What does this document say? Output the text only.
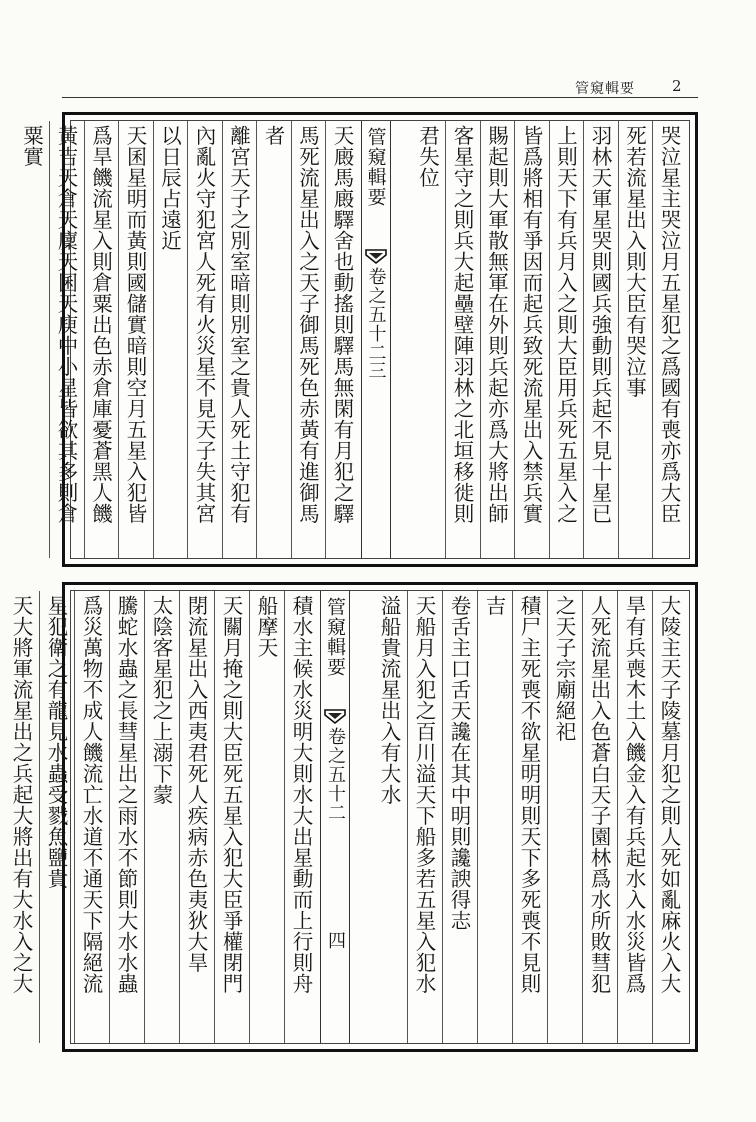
管窺輯要 2
哭泣星主哭泣月五星犯之爲國有喪亦爲大臣
死若流星出入則大臣有哭泣事
羽林天軍星哭則國兵強動則兵起不見十星已
上則天下有兵月入之則大臣用兵死五星入之
皆爲將相有爭因而起兵致死流星出入禁兵實
賜起則大軍散無軍在外則兵起亦爲大將出師
客星守之則兵大起壘壁陣羽林之北垣移徙則
君失位
管窺輯要
卷之五十二
三
天廄馬廄驛舍也動搖則驛馬無閑有月犯之驛
馬死流星出入之天子御馬死色赤黃有進御馬
者
離宮天子之別室暗則別室之貴人死土守犯有
內亂火守犯宮人死有火災星不見天子失其宮
以日辰占遠近
天囷星明而黃則國儲實暗則空月五星入犯皆
爲旱饑流星入則倉粟出色赤倉庫憂蒼黑人饑
黃吉天倉天廩天囷天庾中小星皆欲其多則倉
粟實
大陵主天子陵墓月犯之則人死如亂麻火入大
旱有兵喪木土入饑金入有兵起水入水災皆爲
人死流星出入色蒼白天子園林爲水所敗彗犯
之天子宗廟絕祀
積尸主死喪不欲星明明則天下多死喪不見則
吉
卷舌主口舌天讒在其中明則讒諛得志
天船月入犯之百川溢天下船多若五星入犯水
溢船貴流星出入有大水
管窺輯要
卷之五十二
四
積水主候水災明大則水大出星動而上行則舟
船摩天
天關月掩之則大臣死五星入犯大臣爭權閉門
閉流星出入西夷君死人疾病赤色夷狄大旱
太陰客星犯之上溺下蒙
騰蛇水蟲之長彗星出之雨水不節則大水水蟲
爲災萬物不成人饑流亡水道不通天下隔絕流
星犯衛之有龍見水蟲受戮魚鹽貴
天大將軍流星出之兵起大將出有大水入之大
